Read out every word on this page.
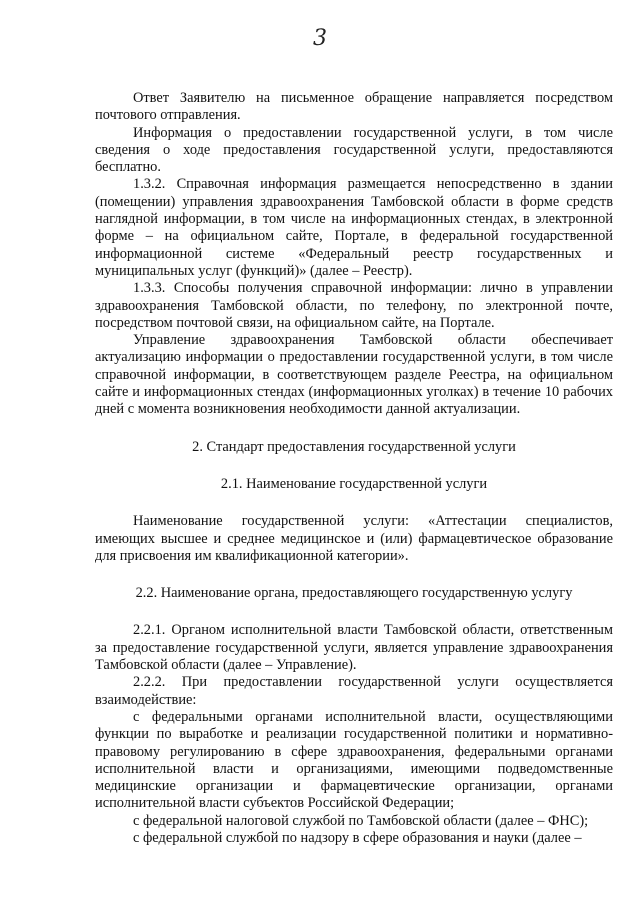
3

Ответ Заявителю на письменное обращение направляется посредством почтового отправления.

Информация о предоставлении государственной услуги, в том числе сведения о ходе предоставления государственной услуги, предоставляются бесплатно.

1.3.2. Справочная информация размещается непосредственно в здании (помещении) управления здравоохранения Тамбовской области в форме средств наглядной информации, в том числе на информационных стендах, в электронной форме – на официальном сайте, Портале, в федеральной государственной информационной системе «Федеральный реестр государственных и муниципальных услуг (функций)» (далее – Реестр).

1.3.3. Способы получения справочной информации: лично в управлении здравоохранения Тамбовской области, по телефону, по электронной почте, посредством почтовой связи, на официальном сайте, на Портале.

Управление здравоохранения Тамбовской области обеспечивает актуализацию информации о предоставлении государственной услуги, в том числе справочной информации, в соответствующем разделе Реестра, на официальном сайте и информационных стендах (информационных уголках) в течение 10 рабочих дней с момента возникновения необходимости данной актуализации.

2. Стандарт предоставления государственной услуги

2.1. Наименование государственной услуги

Наименование государственной услуги: «Аттестации специалистов, имеющих высшее и среднее медицинское и (или) фармацевтическое образование для присвоения им квалификационной категории».

2.2. Наименование органа, предоставляющего государственную услугу

2.2.1. Органом исполнительной власти Тамбовской области, ответственным за предоставление государственной услуги, является управление здравоохранения Тамбовской области (далее – Управление).

2.2.2. При предоставлении государственной услуги осуществляется взаимодействие:

с федеральными органами исполнительной власти, осуществляющими функции по выработке и реализации государственной политики и нормативно-правовому регулированию в сфере здравоохранения, федеральными органами исполнительной власти и организациями, имеющими подведомственные медицинские организации и фармацевтические организации, органами исполнительной власти субъектов Российской Федерации;

с федеральной налоговой службой по Тамбовской области (далее – ФНС);

с федеральной службой по надзору в сфере образования и науки (далее –
